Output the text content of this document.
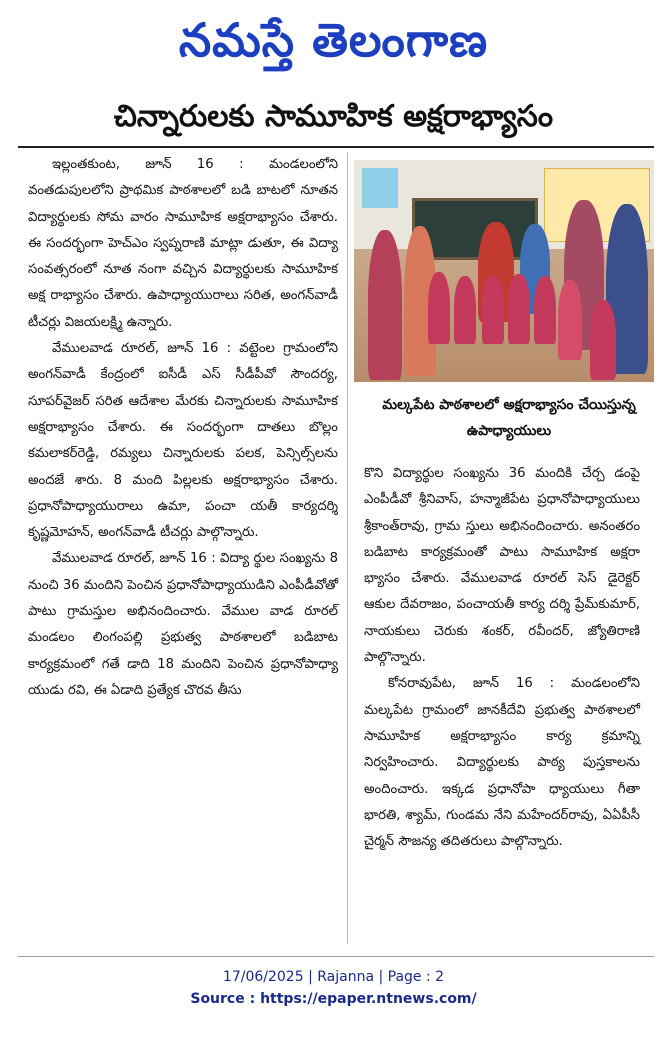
నమస్తే తెలంగాణ
చిన్నారులకు సామూహిక అక్షరాభ్యాసం

ఇల్లంతకుంట, జూన్ 16 : మండలంలోని వంతడుపులలోని ప్రాథమిక పాఠశాలలో బడి బాటలో నూతన విద్యార్థులకు సోమ వారం సామూహిక అక్షరాభ్యాసం చేశారు. ఈ సందర్భంగా హెచ్ఎం స్వప్నరాణి మాట్లా డుతూ, ఈ విద్యా సంవత్సరంలో నూత నంగా వచ్చిన విద్యార్థులకు సామూహిక అక్ష రాభ్యాసం చేశారు. ఉపాధ్యాయురాలు సరిత, అంగన్‌వాడీ టీచర్లు విజయలక్ష్మి ఉన్నారు.

వేములవాడ రూరల్, జూన్ 16 : వట్టెంల గ్రామంలోని అంగన్‌వాడీ కేంద్రంలో ఐసీడీ ఎస్ సీడీపీవో సౌందర్య, సూపర్‌వైజర్ సరిత ఆదేశాల మేరకు చిన్నారులకు సామూహిక అక్షరాభ్యాసం చేశారు. ఈ సందర్భంగా దాతలు బొల్లం కమలాకర్‌రెడ్డి, రమ్యలు చిన్నారులకు పలక, పెన్సిల్స్‌లను అందజే శారు. 8 మంది పిల్లలకు అక్షరాభ్యాసం చేశారు. ప్రధానోపాధ్యాయురాలు ఉమా, పంచా యతీ కార్యదర్శి కృష్ణమోహన్, అంగన్‌వాడీ టీచర్లు పాల్గొన్నారు.

వేములవాడ రూరల్, జూన్ 16 : విద్యా ర్థుల సంఖ్యను 8 నుంచి 36 మందిని పెంచిన ప్రధానోపాధ్యాయుడిని ఎంపీడీవోతో పాటు గ్రామస్తుల అభినందించారు. వేముల వాడ రూరల్ మండలం లింగంపల్లి ప్రభుత్వ పాఠశాలలో బడిబాట కార్యక్రమంలో గతే డాది 18 మందిని పెంచిన ప్రధానోపాధ్యా యుడు రవి, ఈ ఏడాది ప్రత్యేక చొరవ తీసు

మల్కపేట పాఠశాలలో అక్షరాభ్యాసం చేయిస్తున్న ఉపాధ్యాయులు

కొని విద్యార్థుల సంఖ్యను 36 మందికి చేర్చ డంపై ఎంపీడీవో శ్రీనివాస్, హన్మాజీపేట ప్రధానోపాధ్యాయులు శ్రీకాంత్‌రావు, గ్రామ స్తులు అభినందించారు. అనంతరం బడిబాట కార్యక్రమంతో పాటు సామూహిక అక్షరా భ్యాసం చేశారు. వేములవాడ రూరల్ సెస్ డైరెక్టర్ ఆకుల దేవరాజం, పంచాయతీ కార్య దర్శి ప్రేమ్‌కుమార్, నాయకులు చెరుకు శంకర్, రవీందర్, జ్యోతిరాణి పాల్గొన్నారు.

కోనరావుపేట, జూన్ 16 : మండలంలోని మల్కపేట గ్రామంలో జానకీదేవి ప్రభుత్వ పాఠశాలలో సామూహిక అక్షరాభ్యాసం కార్య క్రమాన్ని నిర్వహించారు. విద్యార్థులకు పాఠ్య పుస్తకాలను అందించారు. ఇక్కడ ప్రధానోపా ధ్యాయులు గీతా భారతి, శ్యామ్, గుండమ నేని మహేందర్‌రావు, ఏఏపీసీ చైర్మన్ సౌజన్య తదితరులు పాల్గొన్నారు.

17/06/2025 | Rajanna | Page : 2
Source : https://epaper.ntnews.com/
